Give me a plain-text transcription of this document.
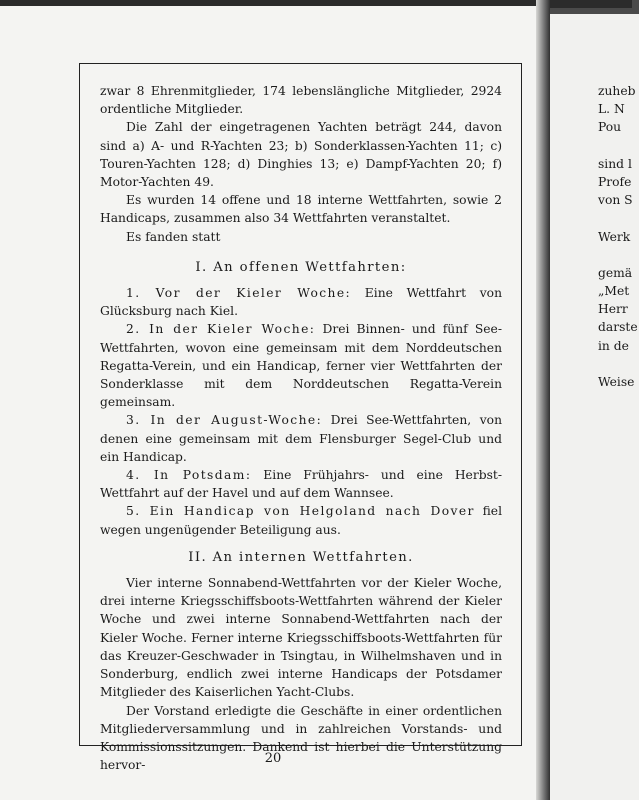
zwar 8 Ehrenmitglieder, 174 lebenslängliche Mitglieder, 2924 ordentliche Mitglieder.

Die Zahl der eingetragenen Yachten beträgt 244, davon sind a) A- und R-Yachten 23; b) Sonderklassen-Yachten 11; c) Touren-Yachten 128; d) Dinghies 13; e) Dampf-Yachten 20; f) Motor-Yachten 49.

Es wurden 14 offene und 18 interne Wettfahrten, sowie 2 Handicaps, zusammen also 34 Wettfahrten veranstaltet.

Es fanden statt

I. An offenen Wettfahrten:

1. Vor der Kieler Woche: Eine Wettfahrt von Glücksburg nach Kiel.

2. In der Kieler Woche: Drei Binnen- und fünf See-Wettfahrten, wovon eine gemeinsam mit dem Norddeutschen Regatta-Verein, und ein Handicap, ferner vier Wettfahrten der Sonderklasse mit dem Norddeutschen Regatta-Verein gemeinsam.

3. In der August-Woche: Drei See-Wettfahrten, von denen eine gemeinsam mit dem Flensburger Segel-Club und ein Handicap.

4. In Potsdam: Eine Frühjahrs- und eine Herbst-Wettfahrt auf der Havel und auf dem Wannsee.

5. Ein Handicap von Helgoland nach Dover fiel wegen ungenügender Beteiligung aus.

II. An internen Wettfahrten.

Vier interne Sonnabend-Wettfahrten vor der Kieler Woche, drei interne Kriegsschiffsboots-Wettfahrten während der Kieler Woche und zwei interne Sonnabend-Wettfahrten nach der Kieler Woche. Ferner interne Kriegsschiffsboots-Wettfahrten für das Kreuzer-Geschwader in Tsingtau, in Wilhelmshaven und in Sonderburg, endlich zwei interne Handicaps der Potsdamer Mitglieder des Kaiserlichen Yacht-Clubs.

Der Vorstand erledigte die Geschäfte in einer ordentlichen Mitgliederversammlung und in zahlreichen Vorstands- und Kommissionssitzungen. Dankend ist hierbei die Unterstützung hervor-	20
zuheb
L. N
Pou
sind l
Profe
von S
Werk
gemä
„Met
Herr
darste
in de
Weise
